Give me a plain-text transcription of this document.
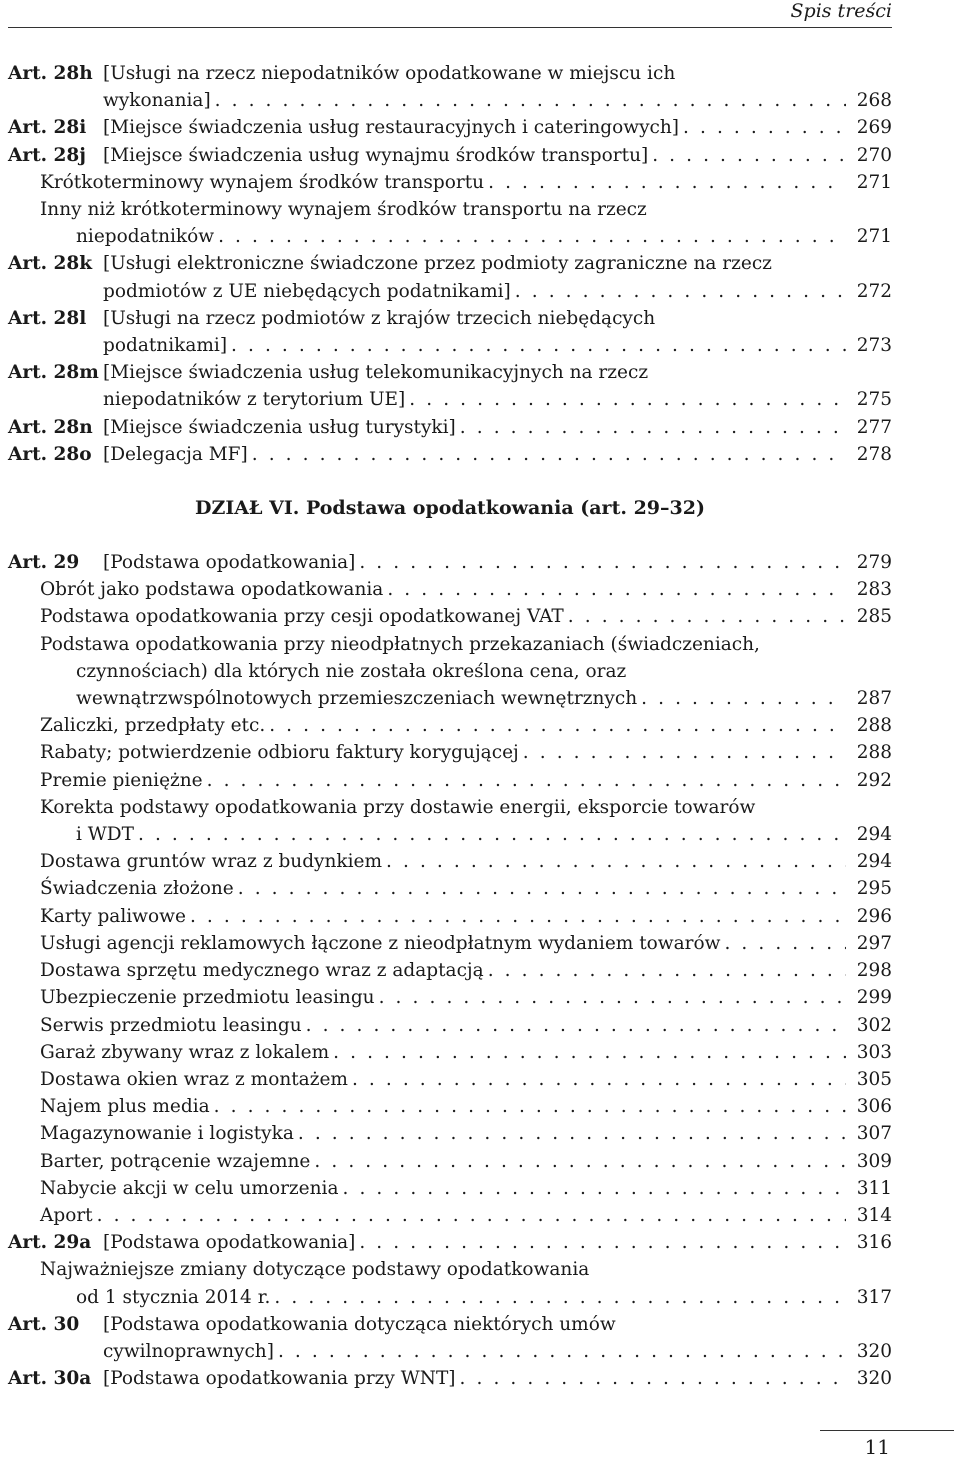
Spis treści
Art. 28h [Usługi na rzecz niepodatników opodatkowane w miejscu ich
wykonania] . . .	268
Art. 28i [Miejsce świadczenia usług restauracyjnych i cateringowych] . . .	269
Art. 28j [Miejsce świadczenia usług wynajmu środków transportu] . . .	270
Krótkoterminowy wynajem środków transportu . . .	271
Inny niż krótkoterminowy wynajem środków transportu na rzecz
niepodatników . . .	271
Art. 28k [Usługi elektroniczne świadczone przez podmioty zagraniczne na rzecz
podmiotów z UE niebędących podatnikami] . . .	272
Art. 28l [Usługi na rzecz podmiotów z krajów trzecich niebędących
podatnikami] . . .	273
Art. 28m [Miejsce świadczenia usług telekomunikacyjnych na rzecz
niepodatników z terytorium UE] . . .	275
Art. 28n [Miejsce świadczenia usług turystyki] . . .	277
Art. 28o [Delegacja MF] . . .	278
DZIAŁ VI. Podstawa opodatkowania (art. 29–32)
Art. 29	[Podstawa opodatkowania] . . .	279
Obrót jako podstawa opodatkowania . . .	283
Podstawa opodatkowania przy cesji opodatkowanej VAT . . .	285
Podstawa opodatkowania przy nieodpłatnych przekazaniach (świadczeniach,
czynnościach) dla których nie została określona cena, oraz
wewnątrzwspólnotowych przemieszczeniach wewnętrznych . . .	287
Zaliczki, przedpłaty etc. . . .	288
Rabaty; potwierdzenie odbioru faktury korygującej . . .	288
Premie pieniężne . . .	292
Korekta podstawy opodatkowania przy dostawie energii, eksporcie towarów
i WDT . . .	294
Dostawa gruntów wraz z budynkiem . . .	294
Świadczenia złożone . . .	295
Karty paliwowe . . .	296
Usługi agencji reklamowych łączone z nieodpłatnym wydaniem towarów . . .	297
Dostawa sprzętu medycznego wraz z adaptacją . . .	298
Ubezpieczenie przedmiotu leasingu . . .	299
Serwis przedmiotu leasingu . . .	302
Garaż zbywany wraz z lokalem . . .	303
Dostawa okien wraz z montażem . . .	305
Najem plus media . . .	306
Magazynowanie i logistyka . . .	307
Barter, potrącenie wzajemne . . .	309
Nabycie akcji w celu umorzenia . . .	311
Aport . . .	314
Art. 29a [Podstawa opodatkowania] . . .	316
Najważniejsze zmiany dotyczące podstawy opodatkowania
od 1 stycznia 2014 r. . . .	317
Art. 30	[Podstawa opodatkowania dotycząca niektórych umów
cywilnoprawnych] . . .	320
Art. 30a [Podstawa opodatkowania przy WNT] . . .	320
11
